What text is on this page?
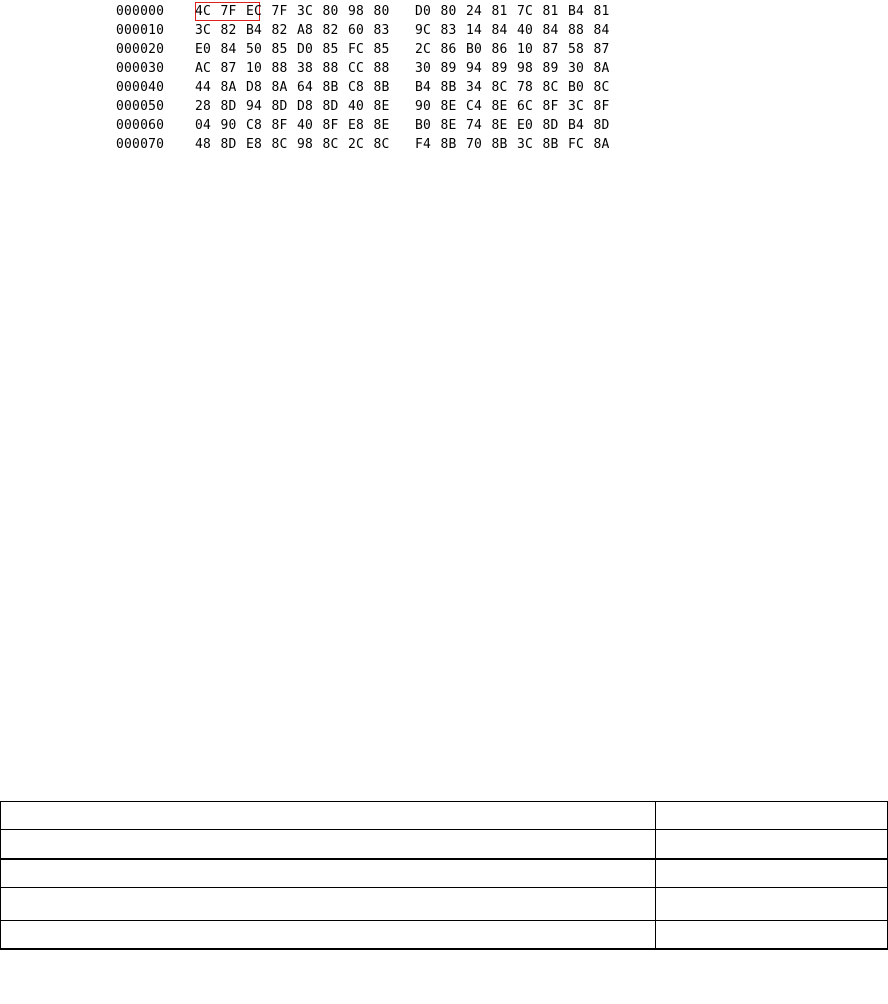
000000 4C 7F EC 7F 3C 80 98 80 D0 80 24 81 7C 81 B4 81
000010 3C 82 B4 82 A8 82 60 83 9C 83 14 84 40 84 88 84
000020 E0 84 50 85 D0 85 FC 85 2C 86 B0 86 10 87 58 87
000030 AC 87 10 88 38 88 CC 88 30 89 94 89 98 89 30 8A
000040 44 8A D8 8A 64 8B C8 8B B4 8B 34 8C 78 8C B0 8C
000050 28 8D 94 8D D8 8D 40 8E 90 8E C4 8E 6C 8F 3C 8F
000060 04 90 C8 8F 40 8F E8 8E B0 8E 74 8E E0 8D B4 8D
000070 48 8D E8 8C 98 8C 2C 8C F4 8B 70 8B 3C 8B FC 8A
